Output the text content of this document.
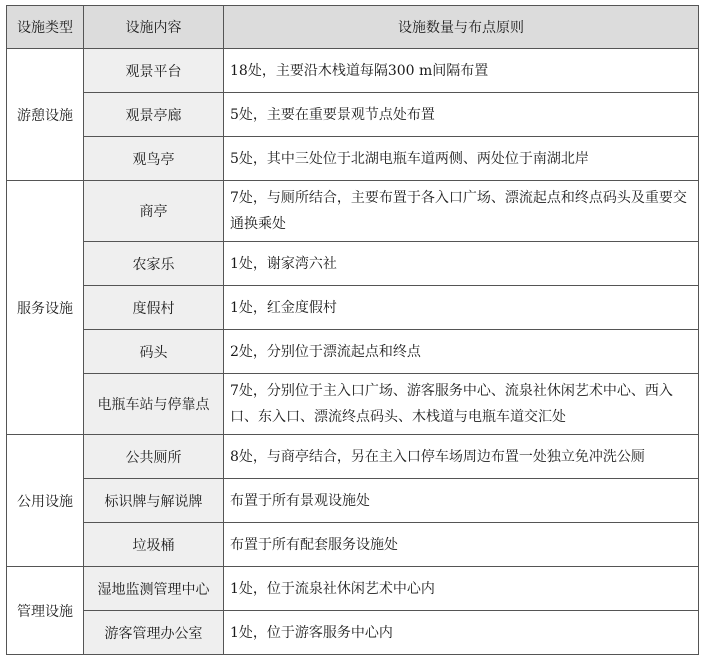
设施类型	设施内容	设施数量与布点原则
游憩设施	观景平台	18处，主要沿木栈道每隔300 m间隔布置
	观景亭廊	5处，主要在重要景观节点处布置
	观鸟亭	5处，其中三处位于北湖电瓶车道两侧、两处位于南湖北岸
服务设施	商亭	7处，与厕所结合，主要布置于各入口广场、漂流起点和终点码头及重要交通换乘处
	农家乐	1处，谢家湾六社
	度假村	1处，红金度假村
	码头	2处，分别位于漂流起点和终点
	电瓶车站与停靠点	7处，分别位于主入口广场、游客服务中心、流泉社休闲艺术中心、西入口、东入口、漂流终点码头、木栈道与电瓶车道交汇处
公用设施	公共厕所	8处，与商亭结合，另在主入口停车场周边布置一处独立免冲洗公厕
	标识牌与解说牌	布置于所有景观设施处
	垃圾桶	布置于所有配套服务设施处
管理设施	湿地监测管理中心	1处，位于流泉社休闲艺术中心内
	游客管理办公室	1处，位于游客服务中心内
